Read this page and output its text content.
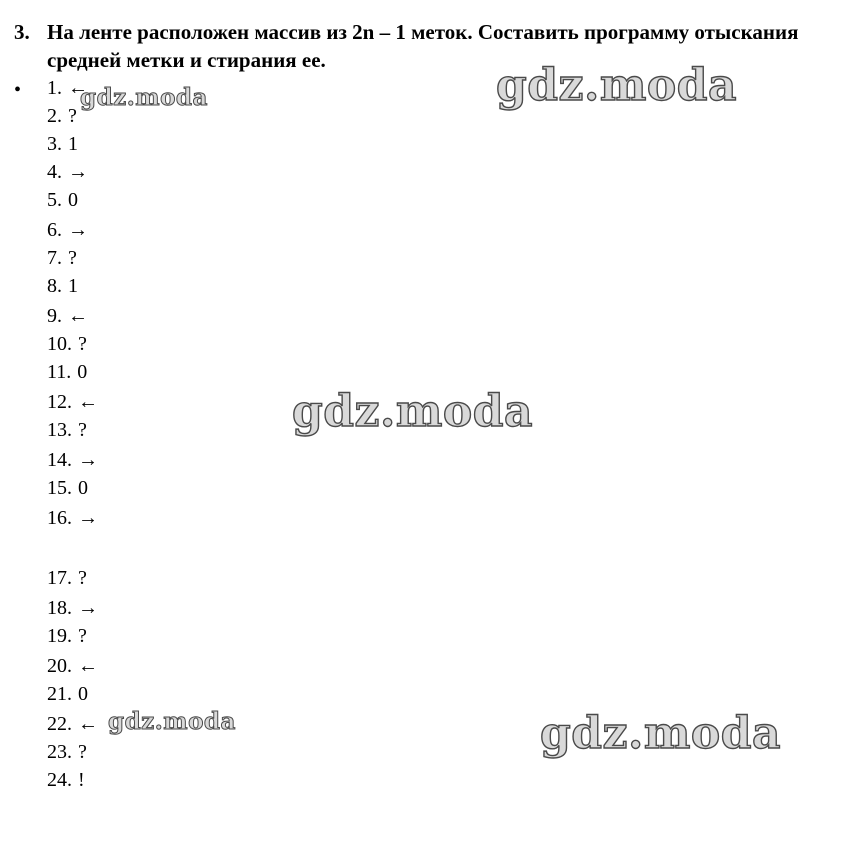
3. На ленте расположен массив из 2n – 1 меток. Составить программу отыскания средней метки и стирания ее.
• 1. ←
2. ?
3. 1
4. →
5. 0
6. →
7. ?
8. 1
9. ←
10. ?
11. 0
12. ←
13. ?
14. →
15. 0
16. →
17. ?
18. →
19. ?
20. ←
21. 0
22. ←
23. ?
24. !
gdz.moda
gdz.moda
gdz.moda
gdz.moda	gdz.moda
